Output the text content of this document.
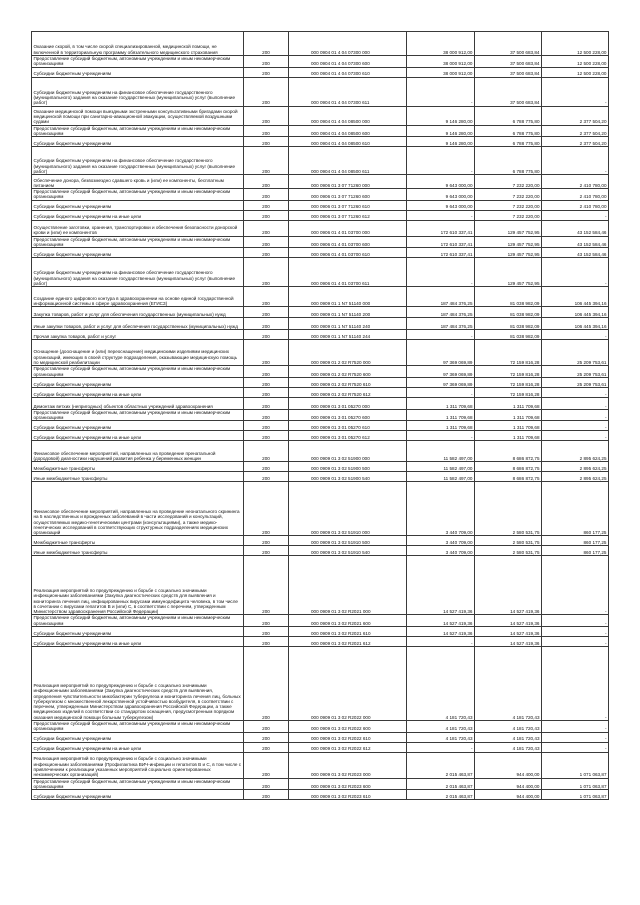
Оказание скорой, в том числе скорой специализированной, медицинской помощи, не включенной в территориальную программу обязательного медицинского страхования	200	000 0904 01 4 04 07300 000	38 000 912,00	37 500 683,84	12 500 228,00
Предоставление субсидий бюджетным, автономным учреждениям и иным некоммерческим организациям	200	000 0904 01 4 04 07300 600	38 000 912,00	37 500 683,84	12 500 228,00
Субсидии бюджетным учреждениям	200	000 0904 01 4 04 07300 610	38 000 912,00	37 500 683,84	12 500 228,00
Субсидии бюджетным учреждениям на финансовое обеспечение государственного (муниципального) задания на оказание государственных (муниципальных) услуг (выполнение работ)	200	000 0904 01 4 04 07300 611	-	37 500 683,84	-
Оказание медицинской помощи выездными экстренными консультативными бригадами скорой медицинской помощи при санитарно-авиационной эвакуации, осуществляемой воздушными судами	200	000 0904 01 4 04 08500 000	9 146 280,00	6 788 775,80	2 377 504,20
Предоставление субсидий бюджетным, автономным учреждениям и иным некоммерческим организациям	200	000 0904 01 4 04 08500 600	9 146 280,00	6 788 775,80	2 377 504,20
Субсидии бюджетным учреждениям	200	000 0904 01 4 04 08500 610	9 146 280,00	6 788 775,80	2 377 504,20
Субсидии бюджетным учреждениям на финансовое обеспечение государственного (муниципального) задания на оказание государственных (муниципальных) услуг (выполнение работ)	200	000 0904 01 4 04 08500 611	-	6 788 775,80	-
Обеспечение донора, безвозмездно сдавшего кровь и (или) ее компоненты, бесплатным питанием	200	000 0906 01 3 07 71260 000	9 643 000,00	7 232 220,00	2 410 780,00
Предоставление субсидий бюджетным, автономным учреждениям и иным некоммерческим организациям	200	000 0906 01 3 07 71260 600	9 643 000,00	7 232 220,00	2 410 780,00
Субсидии бюджетным учреждениям	200	000 0906 01 3 07 71260 610	9 643 000,00	7 232 220,00	2 410 780,00
Субсидии бюджетным учреждениям на иные цели	200	000 0906 01 3 07 71260 612	-	7 232 220,00	-
Осуществление заготовки, хранения, транспортировки и обеспечения безопасности донорской крови и (или) ее компонентов	200	000 0906 01 4 01 03700 000	172 610 337,41	129 457 752,95	43 152 584,46
Предоставление субсидий бюджетным, автономным учреждениям и иным некоммерческим организациям	200	000 0906 01 4 01 03700 600	172 610 337,41	129 457 752,95	43 152 584,46
Субсидии бюджетным учреждениям	200	000 0906 01 4 01 03700 610	172 610 337,41	129 457 752,95	43 152 584,46
Субсидии бюджетным учреждениям на финансовое обеспечение государственного (муниципального) задания на оказание государственных (муниципальных) услуг (выполнение работ)	200	000 0906 01 4 01 03700 611	-	129 457 752,95	-
Создание единого цифрового контура в здравоохранении на основе единой государственной информационной системы в сфере здравоохранения (ЕГИСЗ)	200	000 0909 01 1 N7 51140 000	187 484 376,25	81 038 982,09	106 445 394,16
Закупка товаров, работ и услуг для обеспечения государственных (муниципальных) нужд	200	000 0909 01 1 N7 51140 200	187 484 376,25	81 038 982,09	106 445 394,16
Иные закупки товаров, работ и услуг для обеспечения государственных (муниципальных) нужд	200	000 0909 01 1 N7 51140 240	187 484 376,25	81 038 982,09	106 445 394,16
Прочая закупка товаров, работ и услуг	200	000 0909 01 1 N7 51140 244	-	81 038 982,09	-
Оснащение (дооснащение и (или) переоснащение) медицинскими изделиями медицинских организаций, имеющих в своей структуре подразделения, оказывающие медицинскую помощь по медицинской реабилитации	200	000 0909 01 2 02 R7520 000	97 369 069,89	72 159 816,28	25 209 753,61
Предоставление субсидий бюджетным, автономным учреждениям и иным некоммерческим организациям	200	000 0909 01 2 02 R7520 600	97 369 069,89	72 159 816,28	25 209 753,61
Субсидии бюджетным учреждениям	200	000 0909 01 2 02 R7520 610	97 369 069,89	72 159 816,28	25 209 753,61
Субсидии бюджетным учреждениям на иные цели	200	000 0909 01 2 02 R7520 612	-	72 159 816,28	-
Демонтаж ветхих (непригодных) объектов областных учреждений здравоохранения	200	000 0909 01 3 01 05270 000	1 311 709,68	1 311 709,68	-
Предоставление субсидий бюджетным, автономным учреждениям и иным некоммерческим организациям	200	000 0909 01 3 01 05270 600	1 311 709,68	1 311 709,68	-
Субсидии бюджетным учреждениям	200	000 0909 01 3 01 05270 610	1 311 709,68	1 311 709,68	-
Субсидии бюджетным учреждениям на иные цели	200	000 0909 01 3 01 05270 612	-	1 311 709,68	-
Финансовое обеспечение мероприятий, направленных на проведение пренатальной (дородовой) диагностики нарушений развития ребенка у беременных женщин	200	000 0909 01 3 02 51900 000	11 582 497,00	8 686 872,75	2 895 624,25
Межбюджетные трансферты	200	000 0909 01 3 02 51900 500	11 582 497,00	8 686 872,75	2 895 624,25
Иные межбюджетные трансферты	200	000 0909 01 3 02 51900 540	11 582 497,00	8 686 872,75	2 895 624,25
Финансовое обеспечение мероприятий, направленных на проведение неонатального скрининга на 5 наследственных и врожденных заболеваний в части исследований и консультаций, осуществляемых медико-генетическими центрами (консультациями), а также медико-генетических исследований в соответствующих структурных подразделениях медицинских организаций	200	000 0909 01 3 02 51910 000	3 440 709,00	2 580 531,75	860 177,25
Межбюджетные трансферты	200	000 0909 01 3 02 51910 500	3 440 709,00	2 580 531,75	860 177,25
Иные межбюджетные трансферты	200	000 0909 01 3 02 51910 540	3 440 709,00	2 580 531,75	860 177,25
Реализация мероприятий по предупреждению и борьбе с социально значимыми инфекционными заболеваниями (Закупка диагностических средств для выявления и мониторинга лечения лиц, инфицированных вирусами иммунодефицита человека, в том числе в сочетании с вирусами гепатитов B и (или) C, в соответствии с перечнем, утвержденным Министерством здравоохранения Российской Федерации)	200	000 0909 01 3 02 R2021 000	14 527 419,36	14 527 419,36	-
Предоставление субсидий бюджетным, автономным учреждениям и иным некоммерческим организациям	200	000 0909 01 3 02 R2021 600	14 527 419,36	14 527 419,36	-
Субсидии бюджетным учреждениям	200	000 0909 01 3 02 R2021 610	14 527 419,36	14 527 419,36	-
Субсидии бюджетным учреждениям на иные цели	200	000 0909 01 3 02 R2021 612	-	14 527 419,36	-
Реализация мероприятий по предупреждению и борьбе с социально значимыми инфекционными заболеваниями (Закупка диагностических средств для выявления, определения чувствительности микобактерии туберкулеза и мониторинга лечения лиц, больных туберкулезом с множественной лекарственной устойчивостью возбудителя, в соответствии с перечнем, утвержденным Министерством здравоохранения Российской Федерации, а также медицинских изделий в соответствии со стандартом оснащения, предусмотренным порядком оказания медицинской помощи больным туберкулезом)	200	000 0909 01 3 02 R2022 000	4 181 720,43	4 181 720,43	-
Предоставление субсидий бюджетным, автономным учреждениям и иным некоммерческим организациям	200	000 0909 01 3 02 R2022 600	4 181 720,43	4 181 720,43	-
Субсидии бюджетным учреждениям	200	000 0909 01 3 02 R2022 610	4 181 720,43	4 181 720,43	-
Субсидии бюджетным учреждениям на иные цели	200	000 0909 01 3 02 R2022 612	-	4 181 720,43	-
Реализация мероприятий по предупреждению и борьбе с социально значимыми инфекционными заболеваниями (Профилактика ВИЧ-инфекции и гепатитов B и C, в том числе с привлечением к реализации указанных мероприятий социально ориентированных некоммерческих организаций)	200	000 0909 01 3 02 R2023 000	2 015 463,87	944 400,00	1 071 063,87
Предоставление субсидий бюджетным, автономным учреждениям и иным некоммерческим организациям	200	000 0909 01 3 02 R2023 600	2 015 463,87	944 400,00	1 071 063,87
Субсидии бюджетным учреждениям	200	000 0909 01 3 02 R2023 610	2 015 463,87	944 400,00	1 071 063,87
